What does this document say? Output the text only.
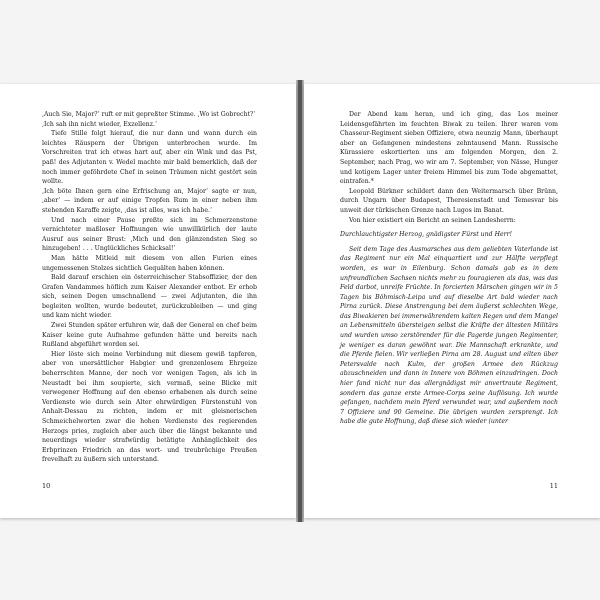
‚Auch Sie, Major?‘ ruft er mit gepreßter Stimme. ‚Wo ist Gobrecht?‘

‚Ich sah ihn nicht wieder, Exzellenz.‘

Tiefe Stille folgt hierauf, die nur dann und wann durch ein leichtes Räuspern der Übrigen unterbrochen wurde. Im Vorschreiten trat ich etwas hart auf, aber ein Wink und das Pst, paß! des Adjutanten v. Wedel machte mir bald bemerklich, daß der noch immer geföhrdete Chef in seinen Träumen nicht gestört sein wollte.

‚Ich böte Ihnen gern eine Erfrischung an, Major‘ sagte er nun, ‚aber‘ — indem er auf einige Tropfen Rum in einer neben ihm stehenden Karaffe zeigte, ‚das ist alles, was ich habe.‘

Und nach einer Pause preßte sich im Schmerzenstone vernichteter maßloser Hoffnungen wie unwillkürlich der laute Ausruf aus seiner Brust: ‚Mich und den glänzendsten Sieg so hinzugeben! . . . Unglückliches Schicksal!‘

Man hätte Mitleid mit diesem von allen Furien eines ungemessenen Stolzes sichtlich Gequälten haben können.

Bald darauf erschien ein österreichischer Stabsoffizier, der den Grafen Vandammes höflich zum Kaiser Alexander entbot. Er erhob sich, seinen Degen umschnallend — zwei Adjutanten, die ihn begleiten wollten, wurde bedeutet, zurückzubleiben — und ging und kam nicht wieder.

Zwei Stunden später erfuhren wir, daß der General en chef beim Kaiser keine gute Aufnahme gefunden hätte und bereits nach Rußland abgeführt worden sei.

Hier löste sich meine Verbindung mit diesem gewiß tapferen, aber von unersättlicher Habgier und grenzenlosem Ehrgeize beherrschten Manne, der noch vor wenigen Tagen, als ich in Neustadt bei ihm soupierte, sich vermaß, seine Blicke mit verwegener Hoffnung auf den ebenso erhabenen als durch seine Verdienste wie durch sein Alter ehrwürdigen Fürstenstuhl von Anhalt-Dessau zu richten, indem er mit gleisnerischen Schmeichelworten zwar die hohen Verdienste des regierenden Herzogs pries, zugleich aber auch über die längst bekannte und neuerdings wieder strafwürdig betätigte Anhänglichkeit des Erbprinzen Friedrich an das wort- und treubrüchige Preußen frevelhaft zu äußern sich unterstand.

10

Der Abend kam heran, und ich ging, das Los meiner Leidensgefährten im feuchten Biwak zu teilen. Ihrer waren vom Chasseur-Regiment sieben Offiziere, etwa neunzig Mann, überhaupt aber an Gefangenen mindestens zehntausend Mann. Russische Kürassiere eskortierten uns am folgenden Morgen, den 2. September, nach Prag, wo wir am 7. September, von Nässe, Hunger und kotigem Lager unter freiem Himmel bis zum Tode abgemattet, eintrafen.*

Leopold Bürkner schildert dann den Weitermarsch über Brünn, durch Ungarn über Budapest, Theresienstadt und Temesvar bis unweit der türkischen Grenze nach Lugos im Banat.

Von hier existiert ein Bericht an seinen Landesherrn:

Durchlauchtigster Herzog, gnädigster Fürst und Herr!

Seit dem Tage des Ausmarsches aus dem geliebten Vaterlande ist das Regiment nur ein Mal einquartiert und zur Hälfte verpflegt worden, es war in Eilenburg. Schon damals gab es in dem unfreundlichen Sachsen nichts mehr zu fouragieren als das, was das Feld darbot, unreife Früchte. In forcierten Märschen gingen wir in 5 Tagen bis Böhmisch-Leipa und auf dieselbe Art bald wieder nach Pirna zurück. Diese Anstrengung bei dem äußerst schlechten Wege, das Biwakieren bei immerwährendem kalten Regen und dem Mangel an Lebensmitteln übersteigen selbst die Kräfte der ältesten Militärs und wurden umso zerstörender für die Pagerde jungen Regimenter, je weniger es daran gewöhnt war. Die Mannschaft erkrankte, und die Pferde fielen. Wir verließen Pirna am 28. August und eilten über Petersvalde nach Kulm, der großen Armee den Rückzug abzuschneiden und dann in Innere von Böhmen einzudringen. Doch hier fand nicht nur das allergnädigst mir anvertraute Regiment, sondern das ganze erste Armee-Corps seine Auflösung. Ich wurde gefangen, nachdem mein Pferd verwundet war, und außerdem noch 7 Offiziere und 90 Gemeine. Die übrigen wurden zersprengt. Ich habe die gute Hoffnung, daß diese sich wieder (unter

11
